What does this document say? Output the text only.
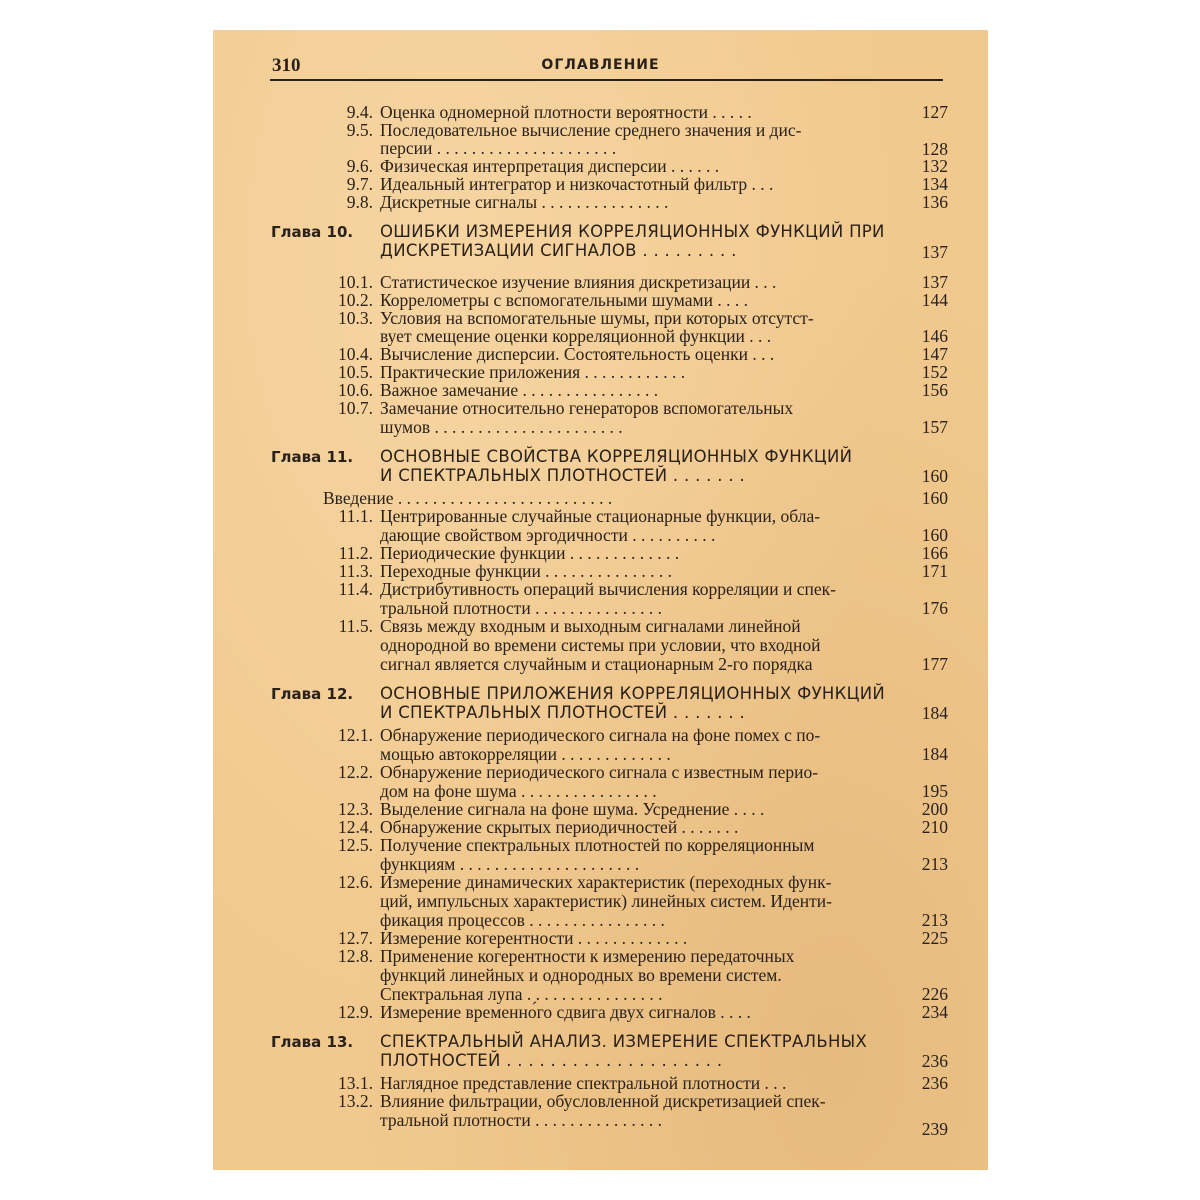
310	ОГЛАВЛЕНИЕ
9.4. Оценка одномерной плотности вероятности . . . . .	127
9.5. Последовательное вычисление среднего значения и дис-
персии . . . . . . . . . . . . . . . . . . . . .	128
9.6. Физическая интерпретация дисперсии . . . . . .	132
9.7. Идеальный интегратор и низкочастотный фильтр . . .	134
9.8. Дискретные сигналы . . . . . . . . . . . . . . .	136
Глава 10. ОШИБКИ ИЗМЕРЕНИЯ КОРРЕЛЯЦИОННЫХ ФУНКЦИЙ ПРИ
ДИСКРЕТИЗАЦИИ СИГНАЛОВ . . . . . . . . .	137
10.1. Статистическое изучение влияния дискретизации . . .	137
10.2. Коррелометры с вспомогательными шумами . . . .	144
10.3. Условия на вспомогательные шумы, при которых отсутст-
вует смещение оценки корреляционной функции . . .	146
10.4. Вычисление дисперсии. Состоятельность оценки . . .	147
10.5. Практические приложения . . . . . . . . . . . .	152
10.6. Важное замечание . . . . . . . . . . . . . . . .	156
10.7. Замечание относительно генераторов вспомогательных
шумов . . . . . . . . . . . . . . . . . . . . . .	157
Глава 11. ОСНОВНЫЕ СВОЙСТВА КОРРЕЛЯЦИОННЫХ ФУНКЦИЙ
И СПЕКТРАЛЬНЫХ ПЛОТНОСТЕЙ . . . . . . .	160
Введение . . . . . . . . . . . . . . . . . . . . . . . . .	160
11.1. Центрированные случайные стационарные функции, обла-
дающие свойством эргодичности . . . . . . . . . .	160
11.2. Периодические функции . . . . . . . . . . . . .	166
11.3. Переходные функции . . . . . . . . . . . . . . .	171
11.4. Дистрибутивность операций вычисления корреляции и спек-
тральной плотности . . . . . . . . . . . . . . .	176
11.5. Связь между входным и выходным сигналами линейной
однородной во времени системы при условии, что входной
сигнал является случайным и стационарным 2-го порядка	177
Глава 12. ОСНОВНЫЕ ПРИЛОЖЕНИЯ КОРРЕЛЯЦИОННЫХ ФУНКЦИЙ
И СПЕКТРАЛЬНЫХ ПЛОТНОСТЕЙ . . . . . . .	184
12.1. Обнаружение периодического сигнала на фоне помех с по-
мощью автокорреляции . . . . . . . . . . . . .	184
12.2. Обнаружение периодического сигнала с известным перио-
дом на фоне шума . . . . . . . . . . . . . . . .	195
12.3. Выделение сигнала на фоне шума. Усреднение . . . .	200
12.4. Обнаружение скрытых периодичностей . . . . . . .	210
12.5. Получение спектральных плотностей по корреляционным
функциям . . . . . . . . . . . . . . . . . . . . .	213
12.6. Измерение динамических характеристик (переходных функ-
ций, импульсных характеристик) линейных систем. Иденти-
фикация процессов . . . . . . . . . . . . . . . .	213
12.7. Измерение когерентности . . . . . . . . . . . . .	225
12.8. Применение когерентности к измерению передаточных
функций линейных и однородных во времени систем.
Спектральная лупа . . . . . . . . . . . . . . . .	226
12.9. Измерение временно́го сдвига двух сигналов . . . .	234
Глава 13. СПЕКТРАЛЬНЫЙ АНАЛИЗ. ИЗМЕРЕНИЕ СПЕКТРАЛЬНЫХ
ПЛОТНОСТЕЙ . . . . . . . . . . . . . . . . . . . .	236
13.1. Наглядное представление спектральной плотности . . .	236
13.2. Влияние фильтрации, обусловленной дискретизацией спек-
тральной плотности . . . . . . . . . . . . . . .	239
